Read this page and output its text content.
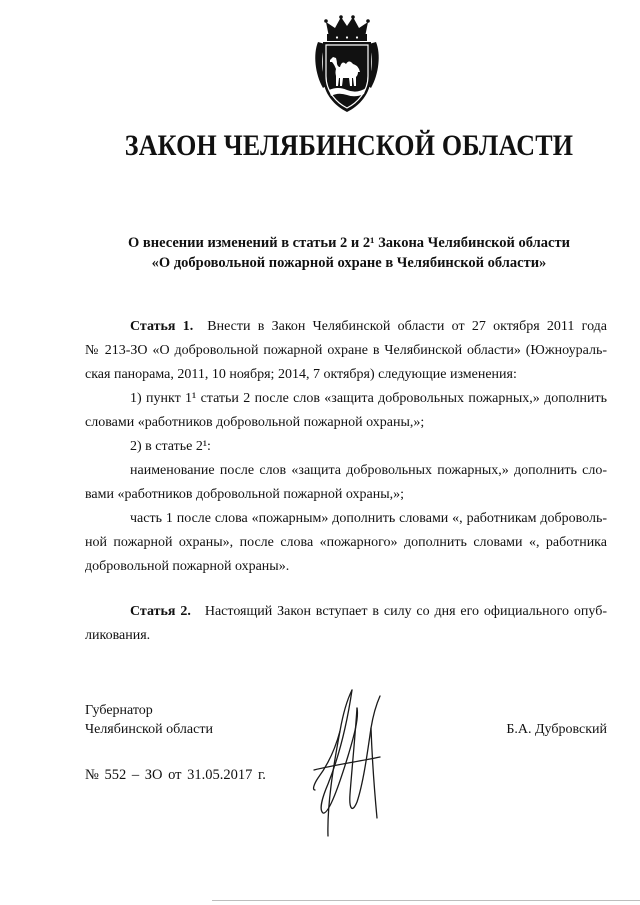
ЗАКОН ЧЕЛЯБИНСКОЙ ОБЛАСТИ
О внесении изменений в статьи 2 и 2¹ Закона Челябинской области
«О добровольной пожарной охране в Челябинской области»
Статья 1. Внести в Закон Челябинской области от 27 октября 2011 года
№ 213-ЗО «О добровольной пожарной охране в Челябинской области» (Южноураль-
ская панорама, 2011, 10 ноября; 2014, 7 октября) следующие изменения:
1) пункт 1¹ статьи 2 после слов «защита добровольных пожарных,» дополнить
словами «работников добровольной пожарной охраны,»;
2) в статье 2¹:
наименование после слов «защита добровольных пожарных,» дополнить сло-
вами «работников добровольной пожарной охраны,»;
часть 1 после слова «пожарным» дополнить словами «, работникам доброволь-
ной пожарной охраны», после слова «пожарного» дополнить словами «, работника
добровольной пожарной охраны».
Статья 2. Настоящий Закон вступает в силу со дня его официального опуб-
ликования.
Губернатор
Челябинской области	Б.А. Дубровский
№ 552 – ЗО от 31.05.2017 г.
